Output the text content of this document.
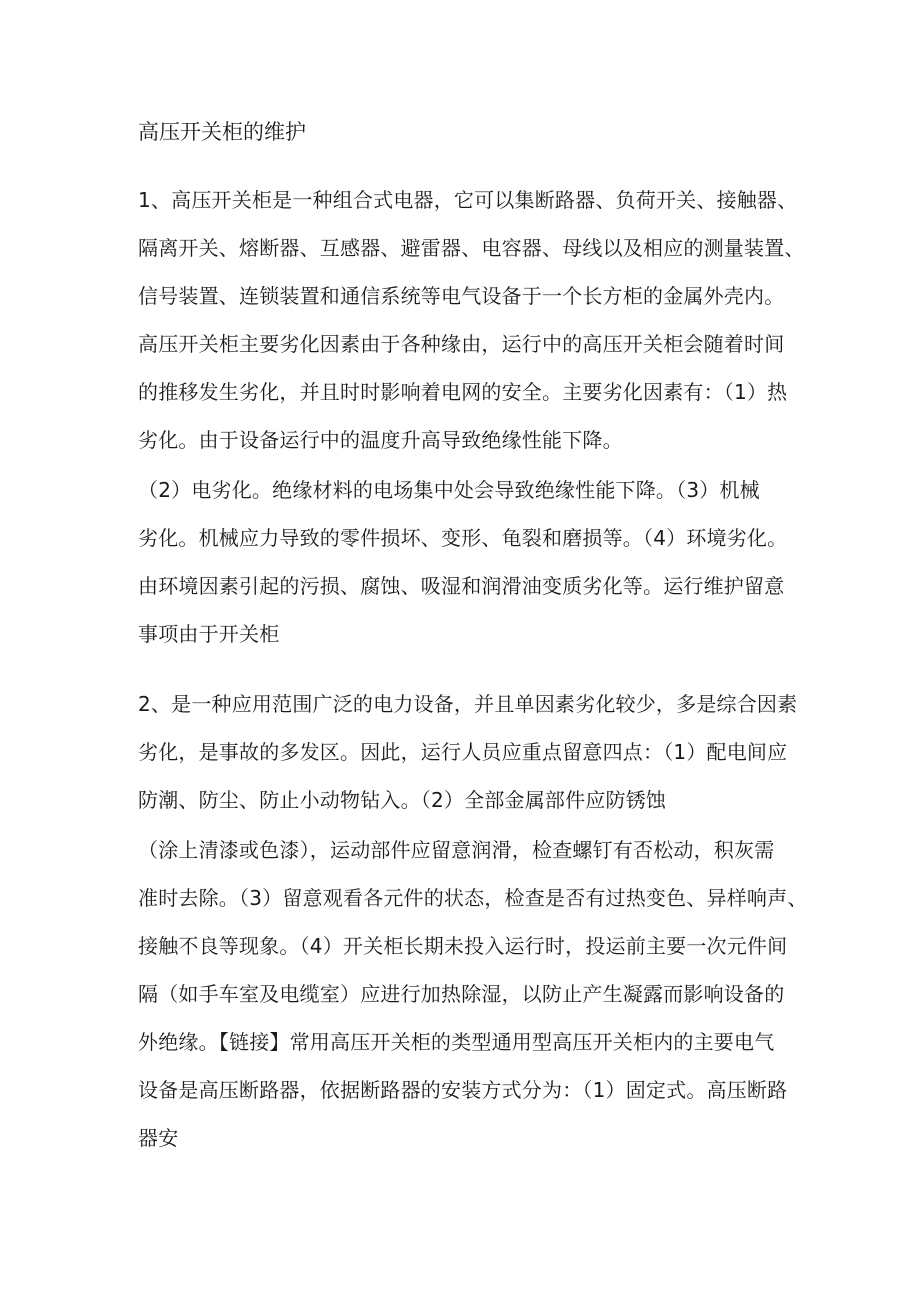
高压开关柜的维护
1、高压开关柜是一种组合式电器，它可以集断路器、负荷开关、接触器、
隔离开关、熔断器、互感器、避雷器、电容器、母线以及相应的测量装置、
信号装置、连锁装置和通信系统等电气设备于一个长方柜的金属外壳内。
高压开关柜主要劣化因素由于各种缘由，运行中的高压开关柜会随着时间
的推移发生劣化，并且时时影响着电网的安全。主要劣化因素有：（1）热
劣化。由于设备运行中的温度升高导致绝缘性能下降。
（2）电劣化。绝缘材料的电场集中处会导致绝缘性能下降。（3）机械
劣化。机械应力导致的零件损坏、变形、龟裂和磨损等。（4）环境劣化。
由环境因素引起的污损、腐蚀、吸湿和润滑油变质劣化等。运行维护留意
事项由于开关柜
2、是一种应用范围广泛的电力设备，并且单因素劣化较少，多是综合因素
劣化，是事故的多发区。因此，运行人员应重点留意四点：（1）配电间应
防潮、防尘、防止小动物钻入。（2）全部金属部件应防锈蚀
（涂上清漆或色漆），运动部件应留意润滑，检查螺钉有否松动，积灰需
准时去除。（3）留意观看各元件的状态，检查是否有过热变色、异样响声、
接触不良等现象。（4）开关柜长期未投入运行时，投运前主要一次元件间
隔（如手车室及电缆室）应进行加热除湿，以防止产生凝露而影响设备的
外绝缘。【链接】常用高压开关柜的类型通用型高压开关柜内的主要电气
设备是高压断路器，依据断路器的安装方式分为：（1）固定式。高压断路
器安
